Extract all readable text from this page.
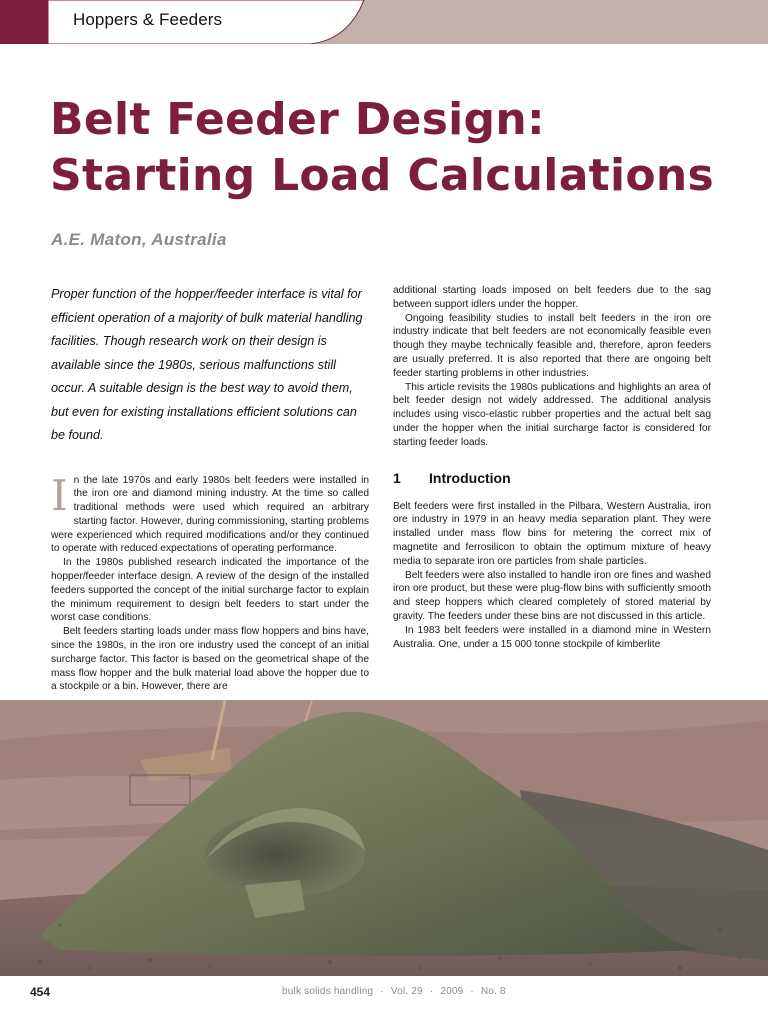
Hoppers & Feeders
Belt Feeder Design:
Starting Load Calculations
A.E. Maton, Australia

Proper function of the hopper/feeder interface is vital for efficient operation of a majority of bulk material handling facilities. Though research work on their design is available since the 1980s, serious malfunctions still occur. A suitable design is the best way to avoid them, but even for existing installations efficient solutions can be found.

In the late 1970s and early 1980s belt feeders were installed in the iron ore and diamond mining industry. At the time so called traditional methods were used which required an arbitrary starting factor. However, during commissioning, starting problems were experienced which required modifications and/or they continued to operate with reduced expectations of operating performance.

In the 1980s published research indicated the importance of the hopper/feeder interface design. A review of the design of the installed feeders supported the concept of the initial surcharge factor to explain the minimum requirement to design belt feeders to start under the worst case conditions.

Belt feeders starting loads under mass flow hoppers and bins have, since the 1980s, in the iron ore industry used the concept of an initial surcharge factor. This factor is based on the geometrical shape of the mass flow hopper and the bulk material load above the hopper due to a stockpile or a bin. However, there are

additional starting loads imposed on belt feeders due to the sag between support idlers under the hopper.

Ongoing feasibility studies to install belt feeders in the iron ore industry indicate that belt feeders are not economically feasible even though they maybe technically feasible and, therefore, apron feeders are usually preferred. It is also reported that there are ongoing belt feeder starting problems in other industries.

This article revisits the 1980s publications and highlights an area of belt feeder design not widely addressed. The additional analysis includes using visco-elastic rubber properties and the actual belt sag under the hopper when the initial surcharge factor is considered for starting feeder loads.

1 Introduction

Belt feeders were first installed in the Pilbara, Western Australia, iron ore industry in 1979 in an heavy media separation plant. They were installed under mass flow bins for metering the correct mix of magnetite and ferrosilicon to obtain the optimum mixture of heavy media to separate iron ore particles from shale particles.

Belt feeders were also installed to handle iron ore fines and washed iron ore product, but these were plug-flow bins with sufficiently smooth and steep hoppers which cleared completely of stored material by gravity. The feeders under these bins are not discussed in this article.

In 1983 belt feeders were installed in a diamond mine in Western Australia. One, under a 15 000 tonne stockpile of kimberlite

454	bulk solids handling · Vol. 29 · 2009 · No. 8
